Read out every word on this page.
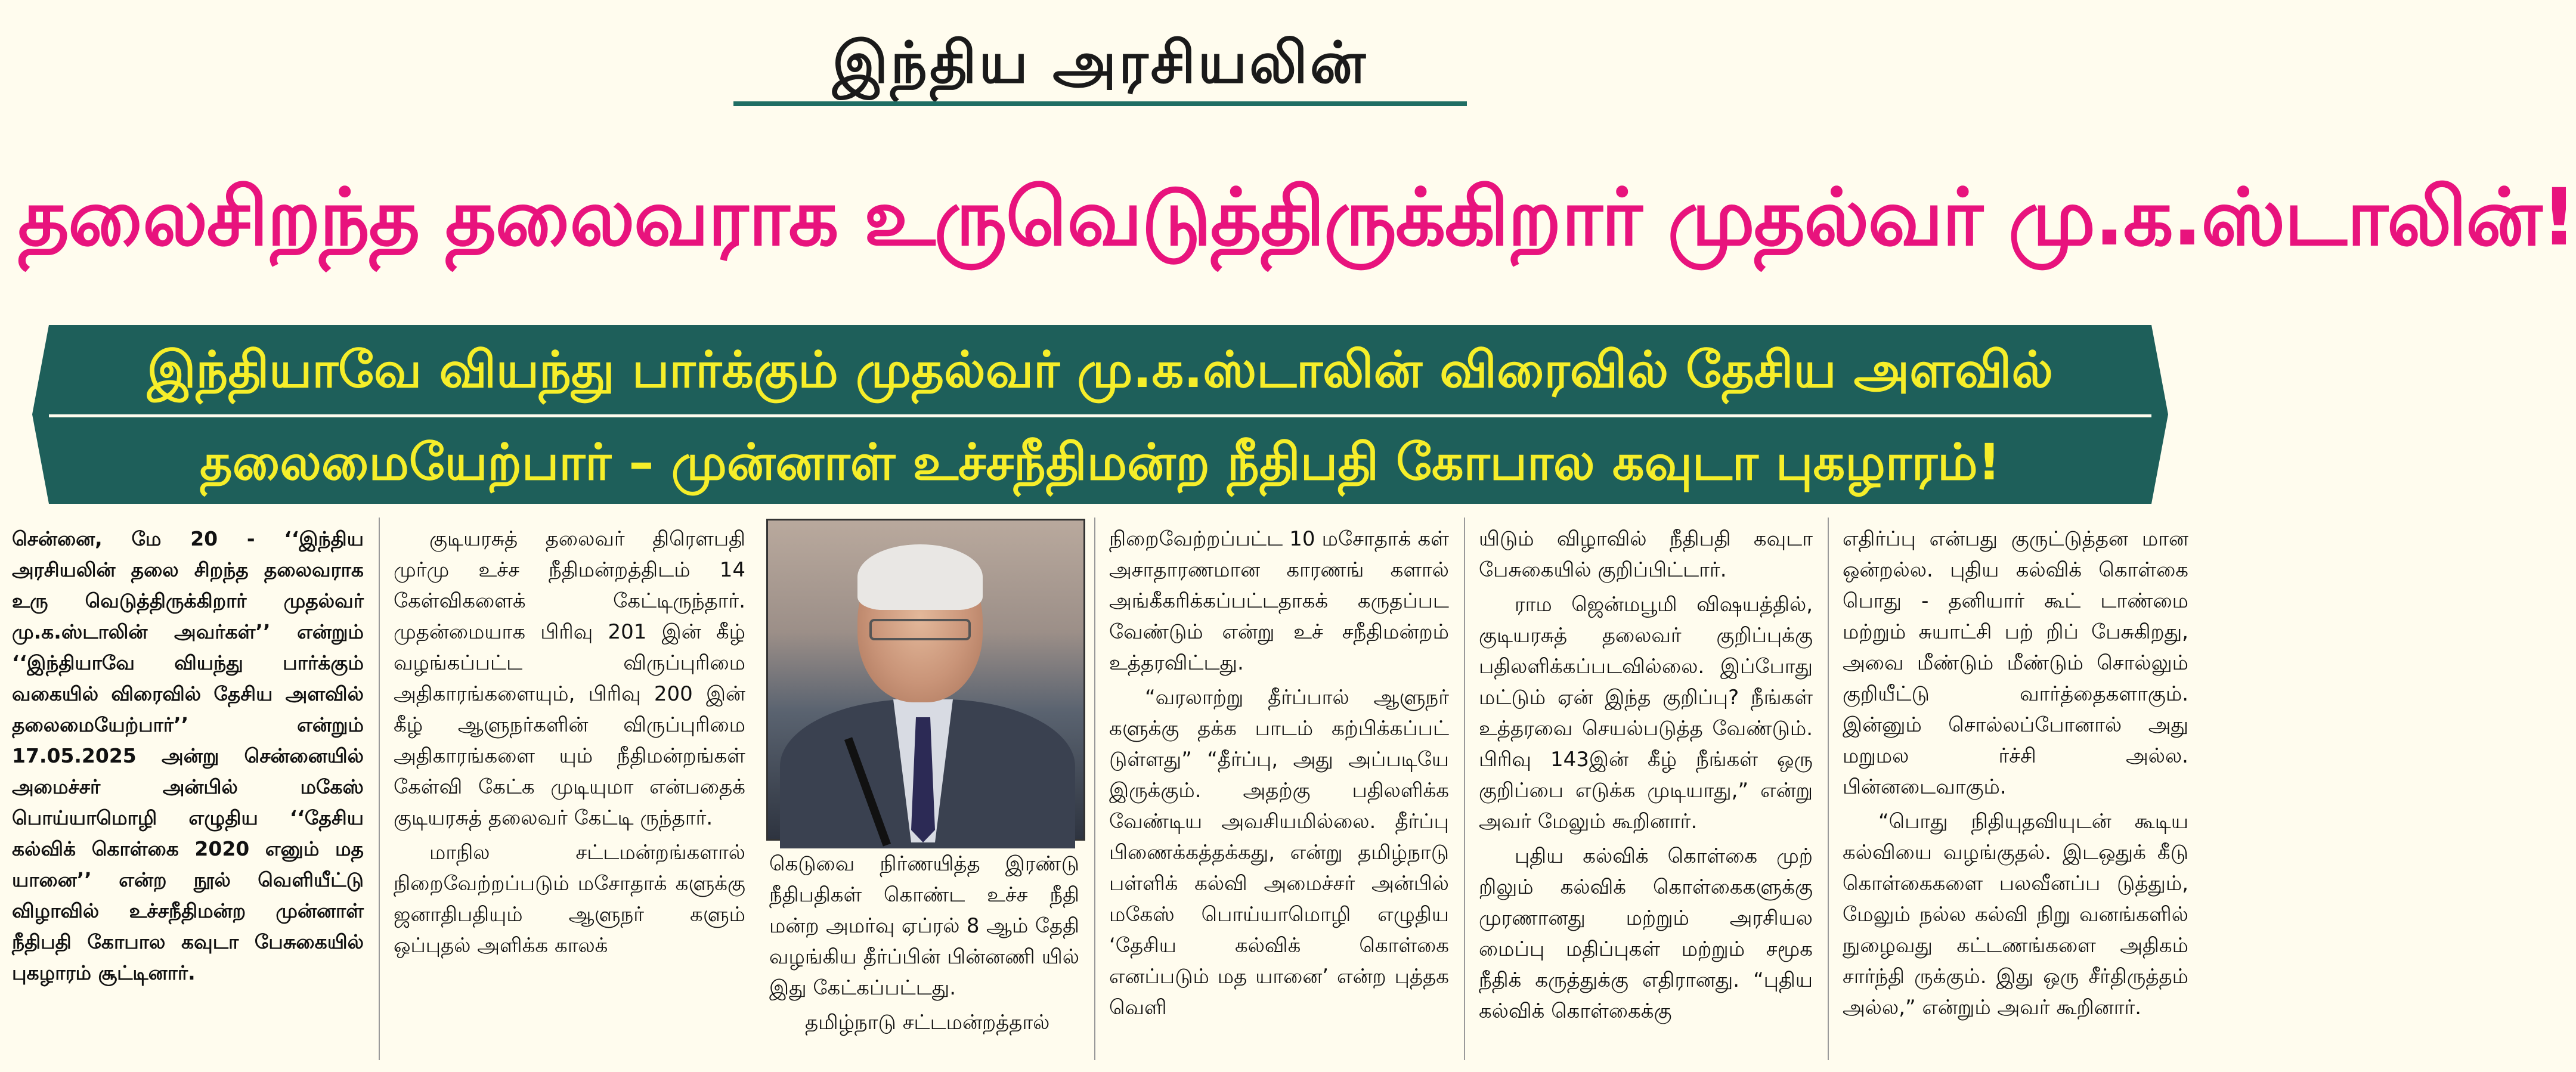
இந்திய அரசியலின்
தலைசிறந்த தலைவராக உருவெடுத்திருக்கிறார் முதல்வர் மு.க.ஸ்டாலின்!
இந்தியாவே வியந்து பார்க்கும் முதல்வர் மு.க.ஸ்டாலின் விரைவில் தேசிய அளவில்
தலைமையேற்பார் – முன்னாள் உச்சநீதிமன்ற நீதிபதி கோபால கவுடா புகழாரம்!

சென்னை, மே 20 - ‘‘இந்திய அரசியலின் தலை சிறந்த தலைவராக உரு வெடுத்திருக்கிறார் முதல்வர் மு.க.ஸ்டாலின் அவர்கள்’’ என்றும் ‘‘இந்தியாவே வியந்து பார்க்கும் வகையில் விரைவில் தேசிய அளவில் தலைமையேற்பார்’’ என்றும் 17.05.2025 அன்று சென்னையில் அமைச்சர் அன்பில் மகேஸ் பொய்யாமொழி எழுதிய ‘‘தேசிய கல்விக் கொள்கை 2020 எனும் மத யானை’’ என்ற நூல் வெளியீட்டு விழாவில் உச்சநீதிமன்ற முன்னாள் நீதிபதி கோபால கவுடா பேசுகையில் புகழாரம் சூட்டினார்.

குடியரசுத் தலைவர் திரௌபதி முர்மு உச்ச நீதிமன்றத்திடம் 14 கேள்விகளைக் கேட்டிருந்தார். முதன்மையாக பிரிவு 201 இன் கீழ் வழங்கப்பட்ட விருப்புரிமை அதிகாரங்களையும், பிரிவு 200 இன் கீழ் ஆளுநர்களின் விருப்புரிமை அதிகாரங்களை யும் நீதிமன்றங்கள் கேள்வி கேட்க முடியுமா என்பதைக் குடியரசுத் தலைவர் கேட்டி ருந்தார்.

மாநில சட்டமன்றங்களால் நிறைவேற்றப்படும் மசோதாக் களுக்கு ஜனாதிபதியும் ஆளுநர் களும் ஒப்புதல் அளிக்க காலக்

கெடுவை நிர்ணயித்த இரண்டு நீதிபதிகள் கொண்ட உச்ச நீதி மன்ற அமர்வு ஏப்ரல் 8 ஆம் தேதி வழங்கிய தீர்ப்பின் பின்னணி யில் இது கேட்கப்பட்டது.

தமிழ்நாடு சட்டமன்றத்தால்

நிறைவேற்றப்பட்ட 10 மசோதாக் கள் அசாதாரணமான காரணங் களால் அங்கீகரிக்கப்பட்டதாகக் கருதப்பட வேண்டும் என்று உச் சநீதிமன்றம் உத்தரவிட்டது.

“வரலாற்று தீர்ப்பால் ஆளுநர் களுக்கு தக்க பாடம் கற்பிக்கப்பட் டுள்ளது” “தீர்ப்பு, அது அப்படியே இருக்கும். அதற்கு பதிலளிக்க வேண்டிய அவசியமில்லை. தீர்ப்பு பிணைக்கத்தக்கது, என்று தமிழ்நாடு பள்ளிக் கல்வி அமைச்சர் அன்பில் மகேஸ் பொய்யாமொழி எழுதிய ‘தேசிய கல்விக் கொள்கை எனப்படும் மத யானை’ என்ற புத்தக வெளி

யிடும் விழாவில் நீதிபதி கவுடா பேசுகையில் குறிப்பிட்டார்.

ராம ஜென்மபூமி விஷயத்தில், குடியரசுத் தலைவர் குறிப்புக்கு பதிலளிக்கப்படவில்லை. இப்போது மட்டும் ஏன் இந்த குறிப்பு? நீங்கள் உத்தரவை செயல்படுத்த வேண்டும். பிரிவு 143இன் கீழ் நீங்கள் ஒரு குறிப்பை எடுக்க முடியாது,” என்று அவர் மேலும் கூறினார்.

புதிய கல்விக் கொள்கை முற் றிலும் கல்விக் கொள்கைகளுக்கு முரணானது மற்றும் அரசியல மைப்பு மதிப்புகள் மற்றும் சமூக நீதிக் கருத்துக்கு எதிரானது. “புதிய கல்விக் கொள்கைக்கு

எதிர்ப்பு என்பது குருட்டுத்தன மான ஒன்றல்ல. புதிய கல்விக் கொள்கை பொது - தனியார் கூட் டாண்மை மற்றும் சுயாட்சி பற் றிப் பேசுகிறது, அவை மீண்டும் மீண்டும் சொல்லும் குறியீட்டு வார்த்தைகளாகும். இன்னும் சொல்லப்போனால் அது மறுமல ர்ச்சி அல்ல. பின்னடைவாகும்.

“பொது நிதியுதவியுடன் கூடிய கல்வியை வழங்குதல். இடஒதுக் கீடு கொள்கைகளை பலவீனப்ப டுத்தும், மேலும் நல்ல கல்வி நிறு வனங்களில் நுழைவது கட்டணங்களை அதிகம் சார்ந்தி ருக்கும். இது ஒரு சீர்திருத்தம் அல்ல,” என்றும் அவர் கூறினார்.
